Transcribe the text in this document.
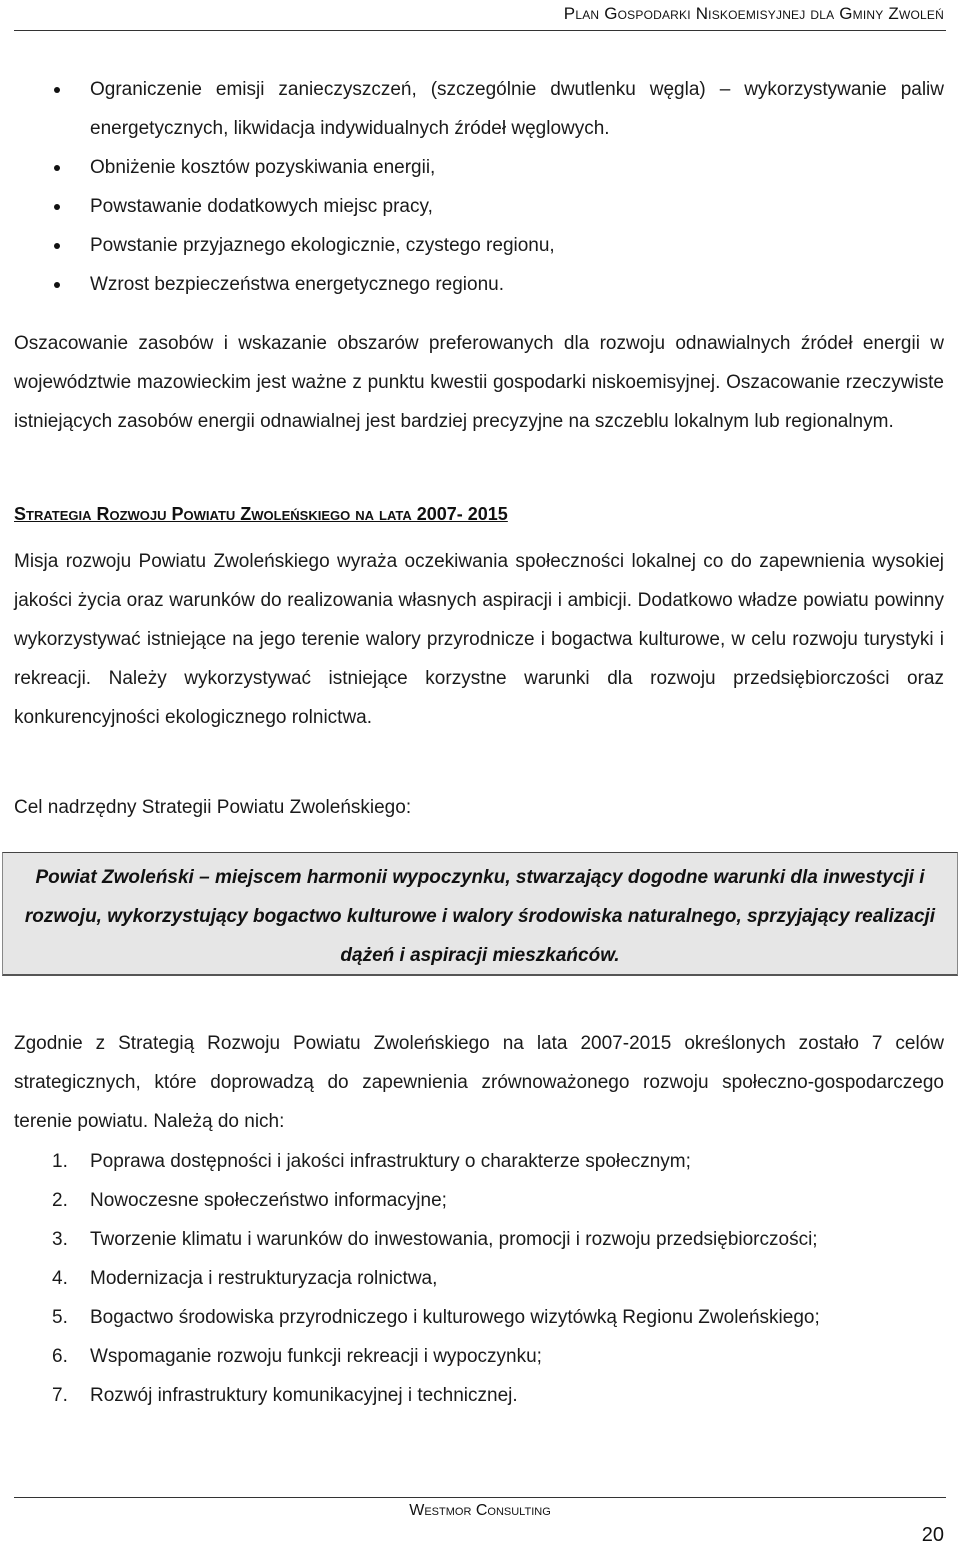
Plan Gospodarki Niskoemisyjnej dla Gminy Zwoleń
Ograniczenie emisji zanieczyszczeń, (szczególnie dwutlenku węgla) – wykorzystywanie paliw energetycznych, likwidacja indywidualnych źródeł węglowych.
Obniżenie kosztów pozyskiwania energii,
Powstawanie dodatkowych miejsc pracy,
Powstanie przyjaznego ekologicznie, czystego regionu,
Wzrost bezpieczeństwa energetycznego regionu.

Oszacowanie zasobów i wskazanie obszarów preferowanych dla rozwoju odnawialnych źródeł energii w województwie mazowieckim jest ważne z punktu kwestii gospodarki niskoemisyjnej. Oszacowanie rzeczywiste istniejących zasobów energii odnawialnej jest bardziej precyzyjne na szczeblu lokalnym lub regionalnym.

Strategia Rozwoju Powiatu Zwoleńskiego na lata 2007- 2015

Misja rozwoju Powiatu Zwoleńskiego wyraża oczekiwania społeczności lokalnej co do zapewnienia wysokiej jakości życia oraz warunków do realizowania własnych aspiracji i ambicji. Dodatkowo władze powiatu powinny wykorzystywać istniejące na jego terenie walory przyrodnicze i bogactwa kulturowe, w celu rozwoju turystyki i rekreacji. Należy wykorzystywać istniejące korzystne warunki dla rozwoju przedsiębiorczości oraz konkurencyjności ekologicznego rolnictwa.

Cel nadrzędny Strategii Powiatu Zwoleńskiego:

Powiat Zwoleński – miejscem harmonii wypoczynku, stwarzający dogodne warunki dla inwestycji i rozwoju, wykorzystujący bogactwo kulturowe i walory środowiska naturalnego, sprzyjający realizacji dążeń i aspiracji mieszkańców.

Zgodnie z Strategią Rozwoju Powiatu Zwoleńskiego na lata 2007-2015 określonych zostało 7 celów strategicznych, które doprowadzą do zapewnienia zrównoważonego rozwoju społeczno-gospodarczego terenie powiatu. Należą do nich:

1. Poprawa dostępności i jakości infrastruktury o charakterze społecznym;
2. Nowoczesne społeczeństwo informacyjne;
3. Tworzenie klimatu i warunków do inwestowania, promocji i rozwoju przedsiębiorczości;
4. Modernizacja i restrukturyzacja rolnictwa,
5. Bogactwo środowiska przyrodniczego i kulturowego wizytówką Regionu Zwoleńskiego;
6. Wspomaganie rozwoju funkcji rekreacji i wypoczynku;
7. Rozwój infrastruktury komunikacyjnej i technicznej.
Westmor Consulting
20
